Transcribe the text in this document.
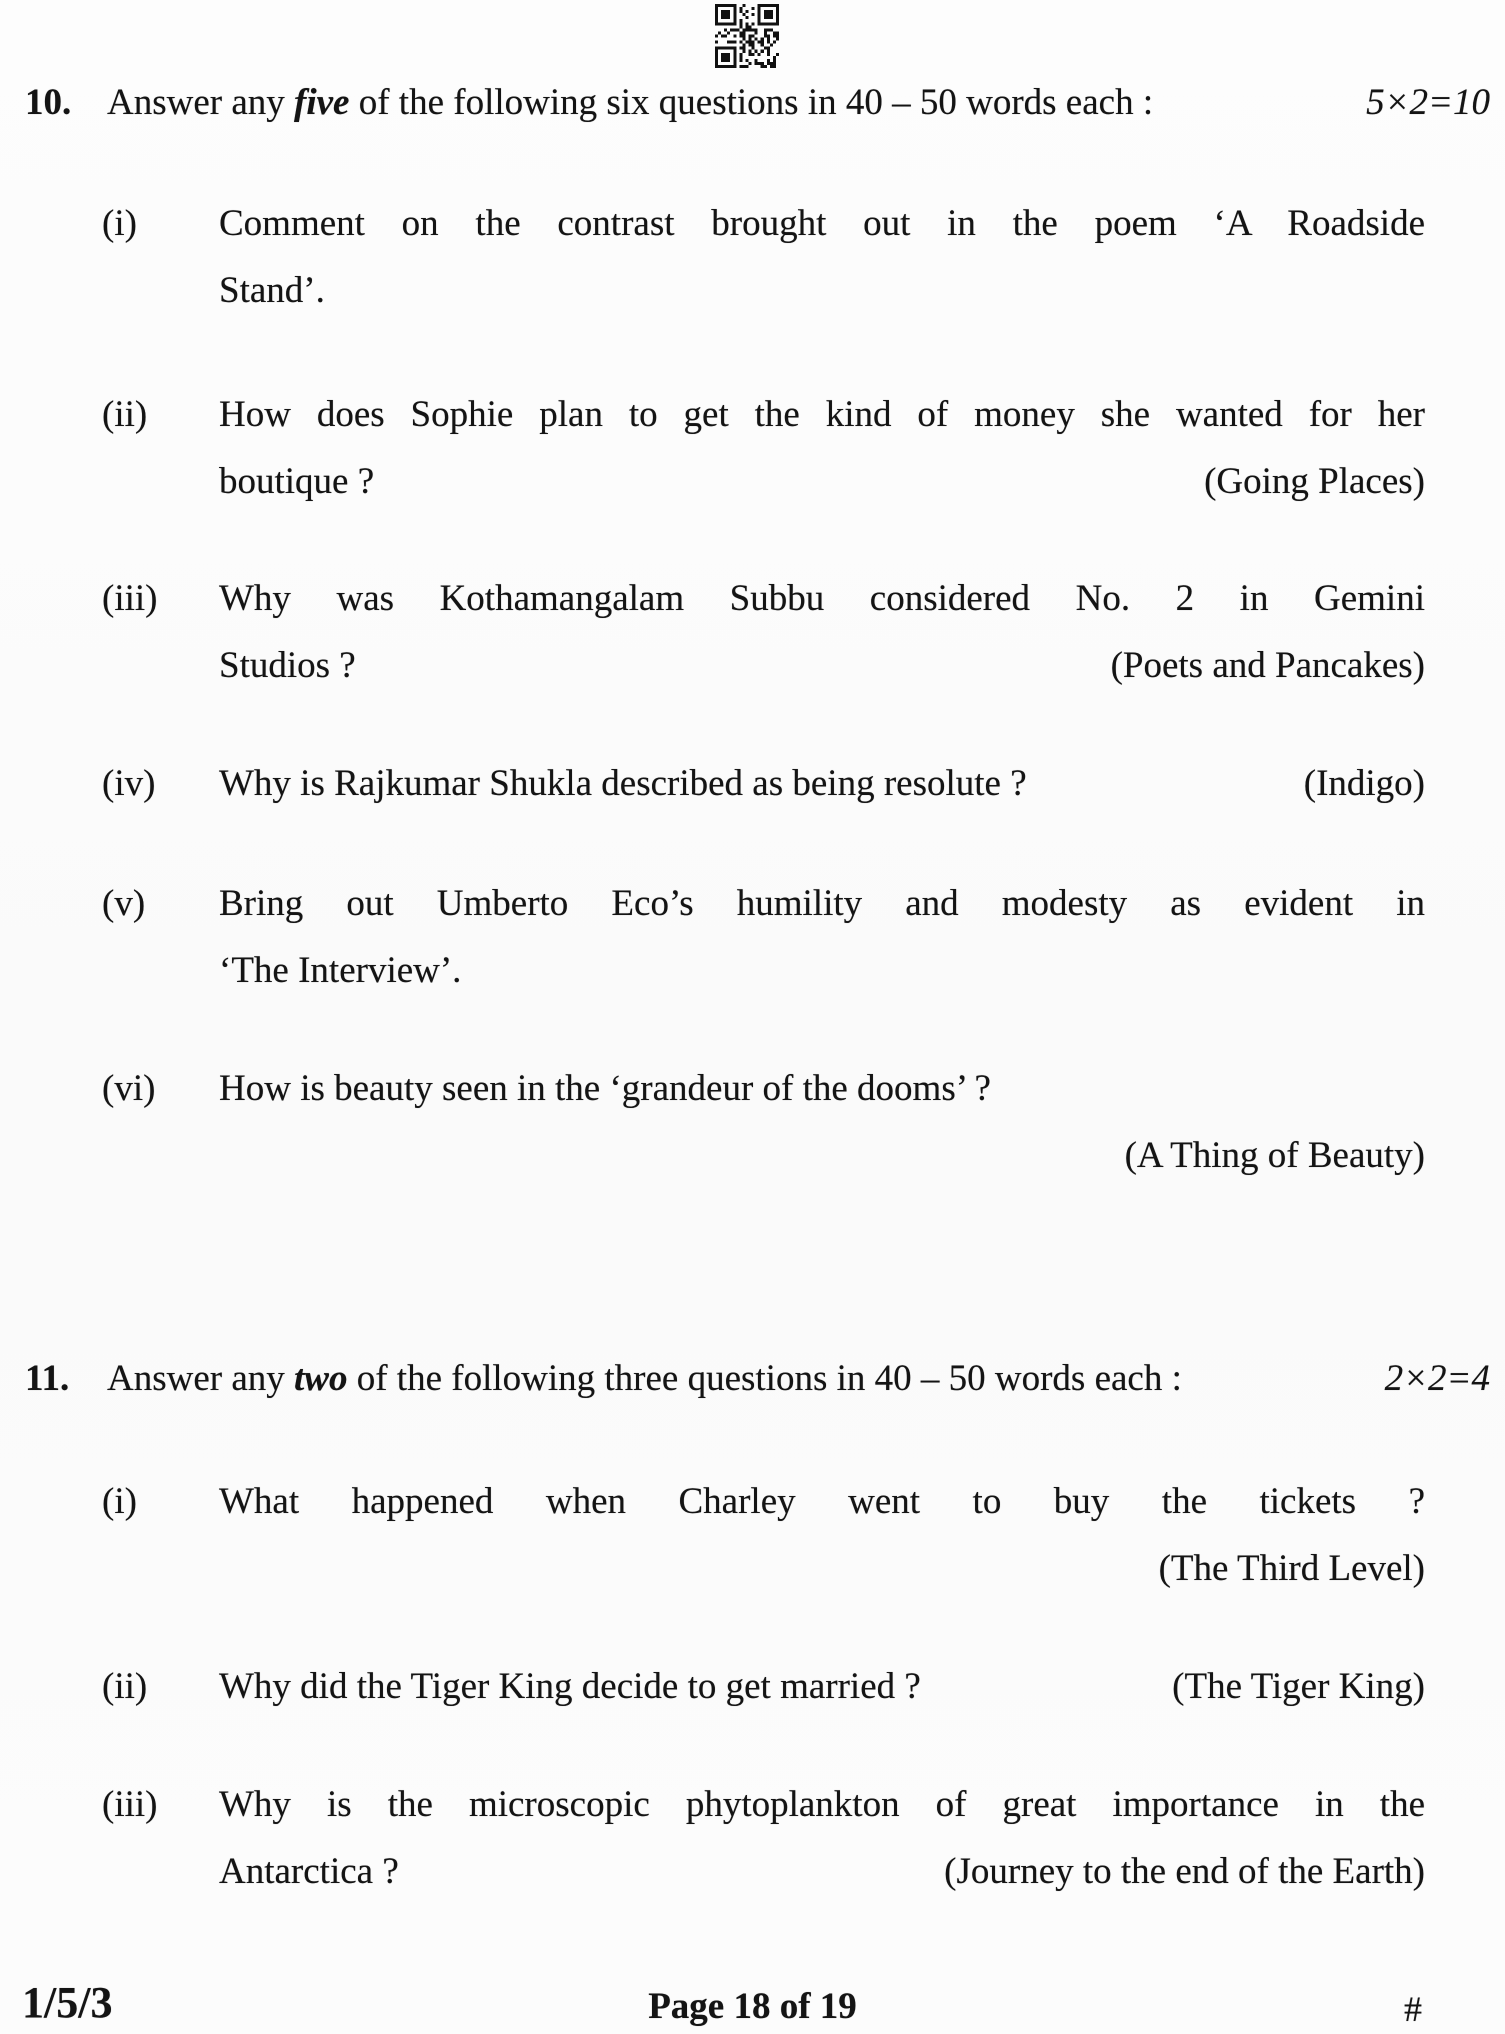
10. Answer any five of the following six questions in 40 – 50 words each :	5×2=10
(i) Comment on the contrast brought out in the poem ‘A Roadside
Stand’.
(ii) How does Sophie plan to get the kind of money she wanted for her
boutique ?	(Going Places)
(iii) Why was Kothamangalam Subbu considered No. 2 in Gemini
Studios ?	(Poets and Pancakes)
(iv) Why is Rajkumar Shukla described as being resolute ?	(Indigo)
(v) Bring out Umberto Eco’s humility and modesty as evident in
‘The Interview’.
(vi) How is beauty seen in the ‘grandeur of the dooms’ ?
(A Thing of Beauty)
11.	Answer any two of the following three questions in 40 – 50 words each :	2×2=4
(i) What happened when Charley went to buy the tickets ?
(The Third Level)
(ii) Why did the Tiger King decide to get married ?	(The Tiger King)
(iii) Why is the microscopic phytoplankton of great importance in the
Antarctica ?	(Journey to the end of the Earth)
1/5/3	Page 18 of 19	#
